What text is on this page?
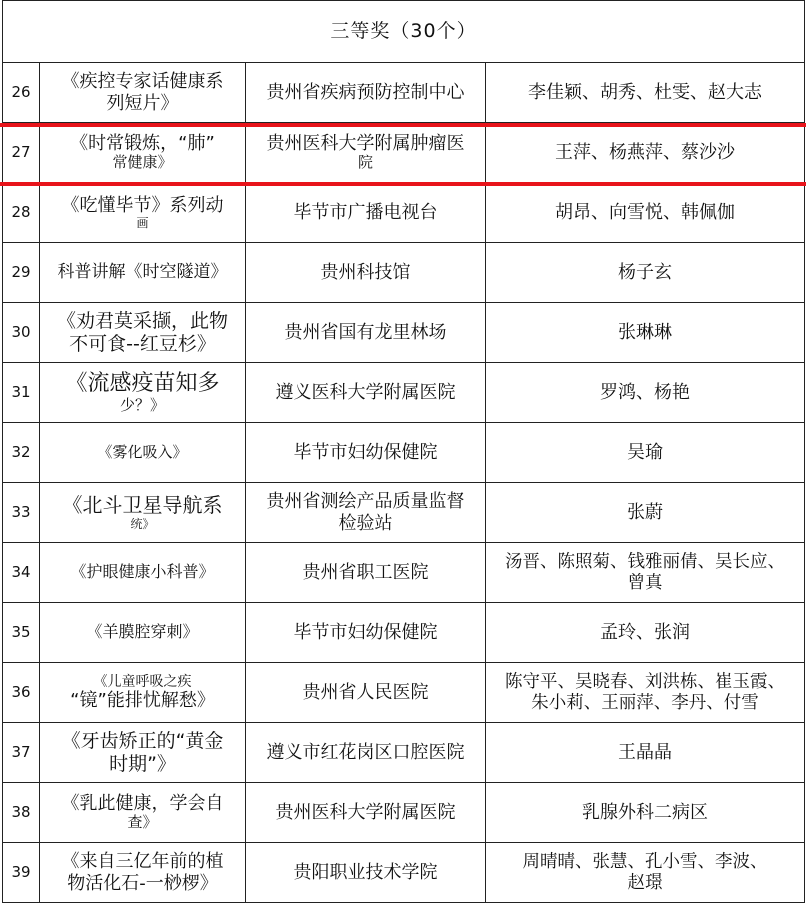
三等奖（30个）			
26	《疾控专家话健康系
列短片》	贵州省疾病预防控制中心	李佳颖、胡秀、杜雯、赵大志

27	《时常锻炼，“肺”
常健康》	贵州医科大学附属肿瘤医
院	王萍、杨燕萍、蔡沙沙

28	《吃懂毕节》系列动
画	毕节市广播电视台	胡昂、向雪悦、韩佩伽

29	科普讲解《时空隧道》	贵州科技馆	杨子玄

30	《劝君莫采撷，此物
不可食--红豆杉》	贵州省国有龙里林场	张琳琳

31	《流感疫苗知多
少？》	遵义医科大学附属医院	罗鸿、杨艳

32	《雾化吸入》	毕节市妇幼保健院	吴瑜

33	《北斗卫星导航系
统》	贵州省测绘产品质量监督
检验站	张蔚

34	《护眼健康小科普》	贵州省职工医院	汤晋、陈照菊、钱雅丽倩、吴长应、
曾真

35	《羊膜腔穿刺》	毕节市妇幼保健院	孟玲、张润

36	《儿童呼吸之疾
“镜”能排忧解愁》	贵州省人民医院	陈守平、吴晓春、刘洪栋、崔玉霞、
朱小莉、王丽萍、李丹、付雪

37	《牙齿矫正的“黄金
时期”》	遵义市红花岗区口腔医院	王晶晶

38	《乳此健康，学会自
查》	贵州医科大学附属医院	乳腺外科二病区

39	《来自三亿年前的植
物活化石-一桫椤》	贵阳职业技术学院	周晴晴、张慧、孔小雪、李波、
赵璟
